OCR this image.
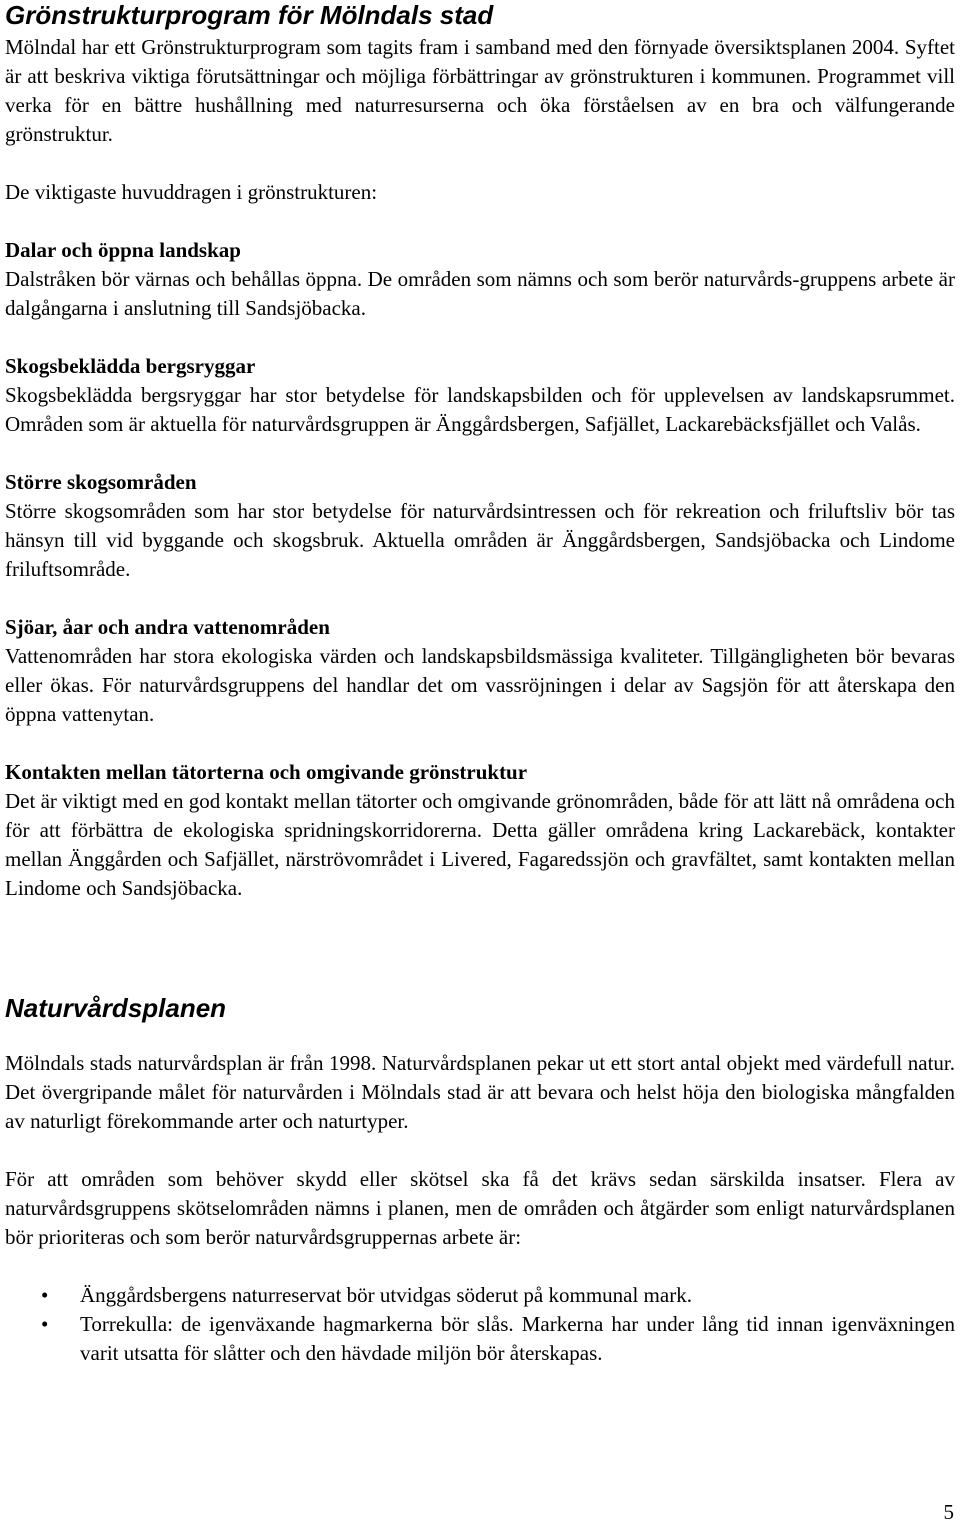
Grönstrukturprogram för Mölndals stad

Mölndal har ett Grönstrukturprogram som tagits fram i samband med den förnyade översiktsplanen 2004. Syftet är att beskriva viktiga förutsättningar och möjliga förbättringar av grönstrukturen i kommunen. Programmet vill verka för en bättre hushållning med naturresurserna och öka förståelsen av en bra och välfungerande grönstruktur.

De viktigaste huvuddragen i grönstrukturen:

Dalar och öppna landskap

Dalstråken bör värnas och behållas öppna. De områden som nämns och som berör naturvårds-gruppens arbete är dalgångarna i anslutning till Sandsjöbacka.

Skogsbeklädda bergsryggar

Skogsbeklädda bergsryggar har stor betydelse för landskapsbilden och för upplevelsen av landskapsrummet. Områden som är aktuella för naturvårdsgruppen är Änggårdsbergen, Safjället, Lackarebäcksfjället och Valås.

Större skogsområden

Större skogsområden som har stor betydelse för naturvårdsintressen och för rekreation och friluftsliv bör tas hänsyn till vid byggande och skogsbruk. Aktuella områden är Änggårdsbergen, Sandsjöbacka och Lindome friluftsområde.

Sjöar, åar och andra vattenområden

Vattenområden har stora ekologiska värden och landskapsbildsmässiga kvaliteter. Tillgängligheten bör bevaras eller ökas. För naturvårdsgruppens del handlar det om vassröjningen i delar av Sagsjön för att återskapa den öppna vattenytan.

Kontakten mellan tätorterna och omgivande grönstruktur

Det är viktigt med en god kontakt mellan tätorter och omgivande grönområden, både för att lätt nå områdena och för att förbättra de ekologiska spridningskorridorerna. Detta gäller områdena kring Lackarebäck, kontakter mellan Änggården och Safjället, närströvområdet i Livered, Fagaredssjön och gravfältet, samt kontakten mellan Lindome och Sandsjöbacka.

Naturvårdsplanen

Mölndals stads naturvårdsplan är från 1998. Naturvårdsplanen pekar ut ett stort antal objekt med värdefull natur. Det övergripande målet för naturvården i Mölndals stad är att bevara och helst höja den biologiska mångfalden av naturligt förekommande arter och naturtyper.

För att områden som behöver skydd eller skötsel ska få det krävs sedan särskilda insatser. Flera av naturvårdsgruppens skötselområden nämns i planen, men de områden och åtgärder som enligt naturvårdsplanen bör prioriteras och som berör naturvårdsgruppernas arbete är:

• Änggårdsbergens naturreservat bör utvidgas söderut på kommunal mark.
• Torrekulla: de igenväxande hagmarkerna bör slås. Markerna har under lång tid innan igenväxningen varit utsatta för slåtter och den hävdade miljön bör återskapas.
5
